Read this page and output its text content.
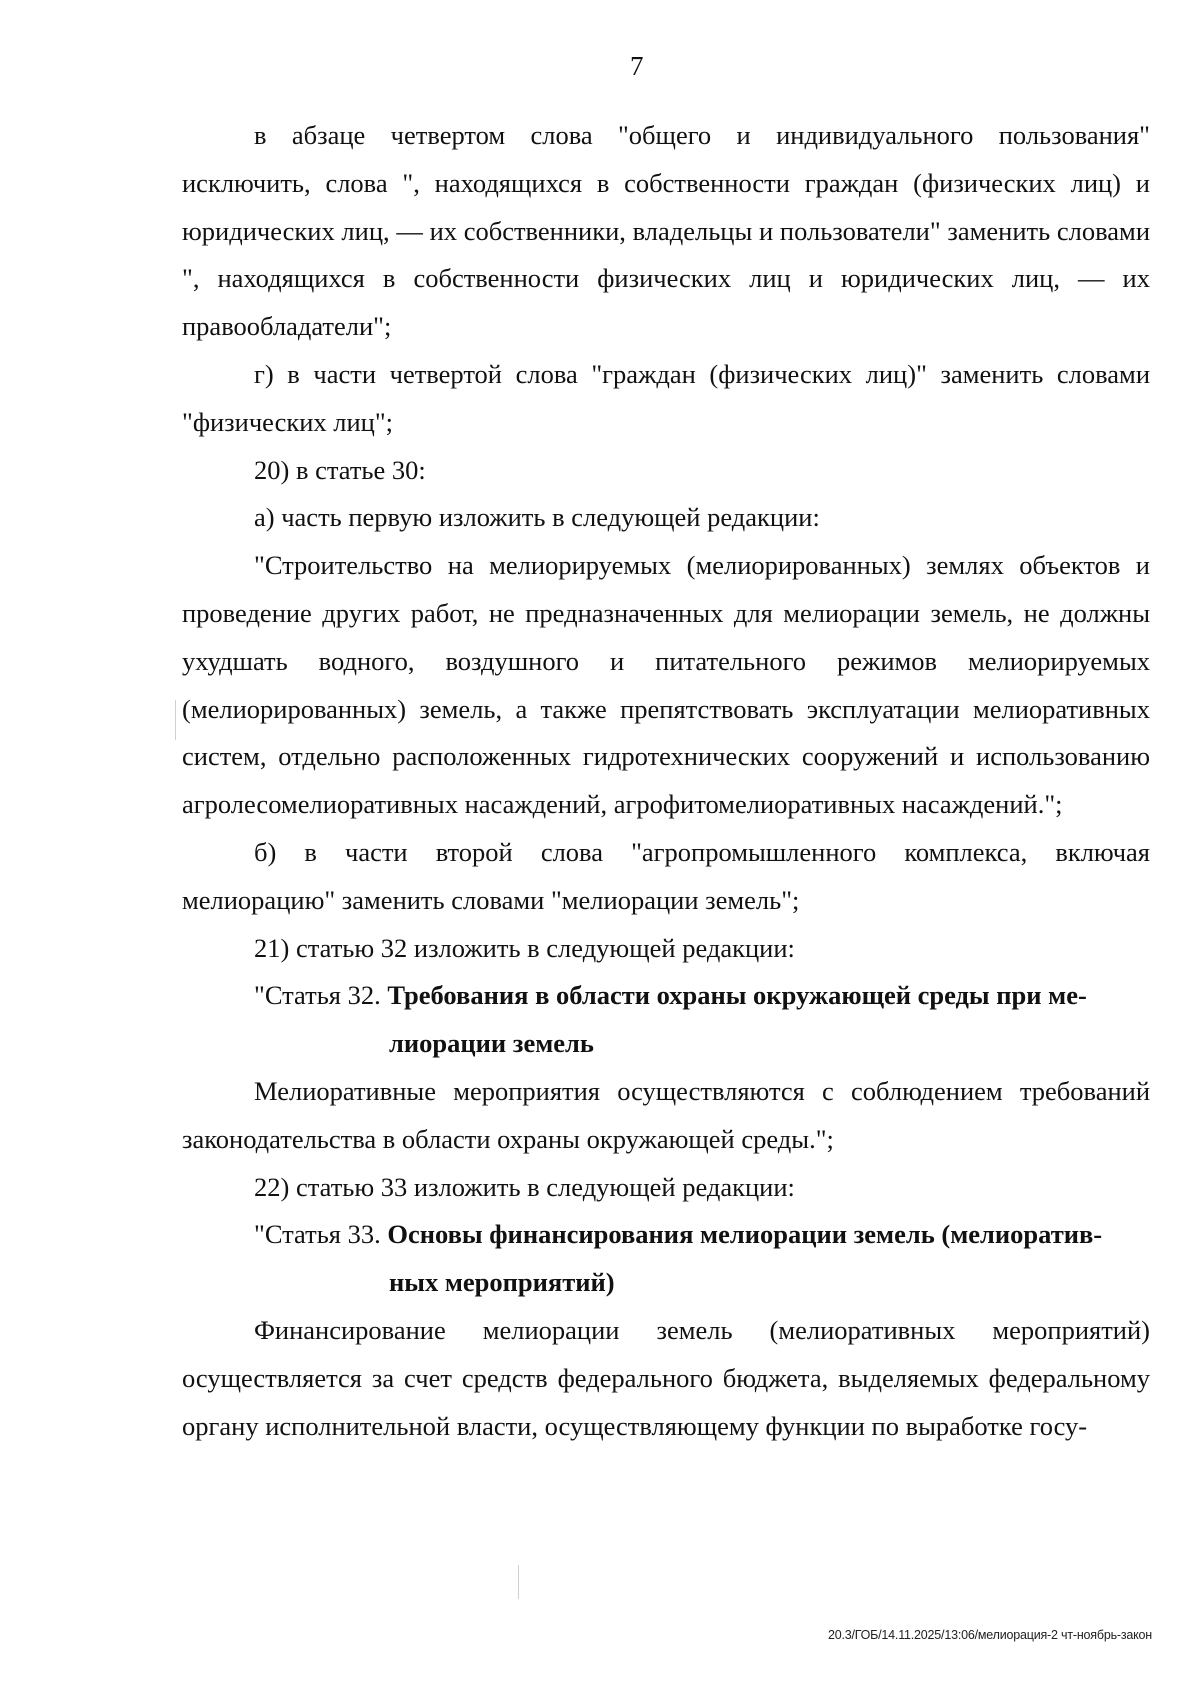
7

в абзаце четвертом слова "общего и индивидуального пользования" исключить, слова ", находящихся в собственности граждан (физических лиц) и юридических лиц, — их собственники, владельцы и пользователи" заменить словами ", находящихся в собственности физических лиц и юридических лиц, — их правообладатели";

г) в части четвертой слова "граждан (физических лиц)" заменить словами "физических лиц";

20) в статье 30:

а) часть первую изложить в следующей редакции:

"Строительство на мелиорируемых (мелиорированных) землях объектов и проведение других работ, не предназначенных для мелиорации земель, не должны ухудшать водного, воздушного и питательного режимов мелиорируемых (мелиорированных) земель, а также препятствовать эксплуатации мелиоративных систем, отдельно расположенных гидротехнических сооружений и использованию агролесомелиоративных насаждений, агрофитомелиоративных насаждений.";

б) в части второй слова "агропромышленного комплекса, включая мелиорацию" заменить словами "мелиорации земель";

21) статью 32 изложить в следующей редакции:

"Статья 32. Требования в области охраны окружающей среды при ме-
лиорации земель

Мелиоративные мероприятия осуществляются с соблюдением требований законодательства в области охраны окружающей среды.";

22) статью 33 изложить в следующей редакции:

"Статья 33. Основы финансирования мелиорации земель (мелиоратив-
ных мероприятий)

Финансирование мелиорации земель (мелиоративных мероприятий) осуществляется за счет средств федерального бюджета, выделяемых федеральному органу исполнительной власти, осуществляющему функции по выработке госу-

20.3/ГОБ/14.11.2025/13:06/мелиорация-2 чт-ноябрь-закон
